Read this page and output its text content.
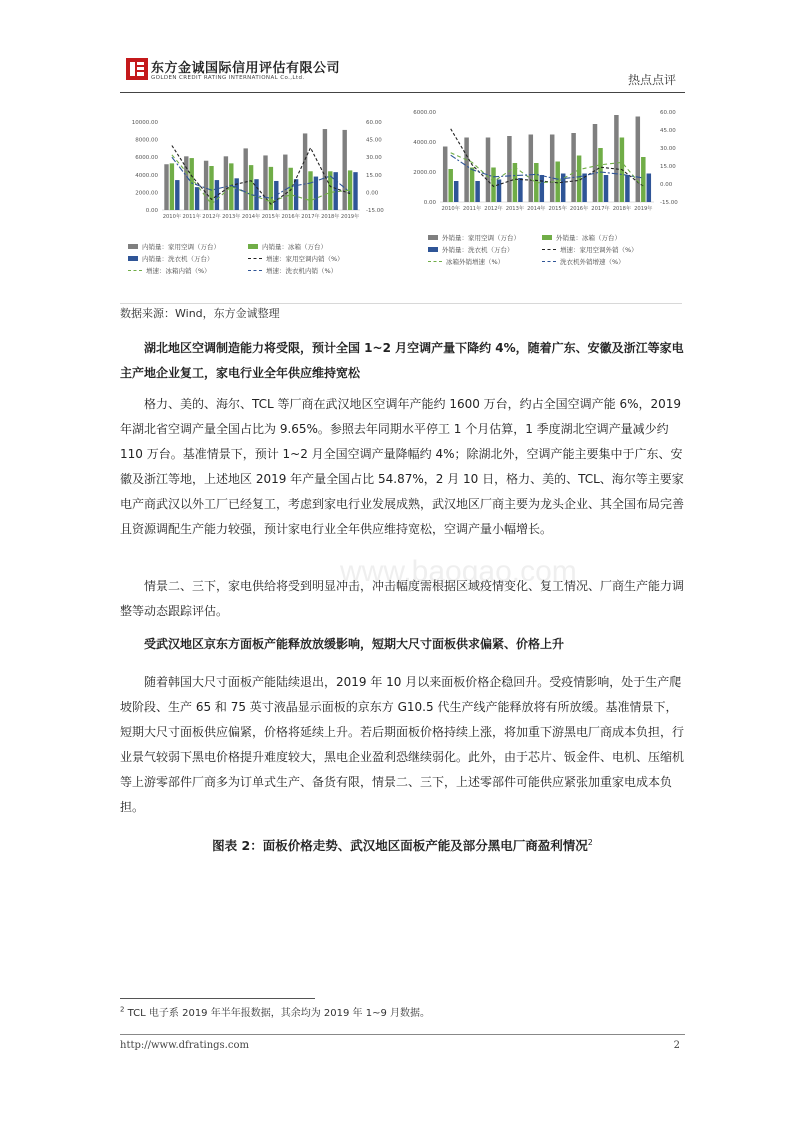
东方金诚国际信用评估有限公司
GOLDEN CREDIT RATING INTERNATIONAL Co.,Ltd.	热点点评
www.baogao.com
10000.00
8000.00
6000.00
4000.00
2000.00
0.00
60.00
45.00
30.00
15.00
0.00
-15.00
2010年 2011年 2012年 2013年 2014年 2015年 2016年 2017年 2018年 2019年
内销量：家用空调（万台）	内销量：冰箱（万台）
内销量：洗衣机（万台）	增速：家用空调内销（%）
增速：冰箱内销（%）	增速：洗衣机内销（%）
6000.00
4000.00
2000.00
0.00
60.00
45.00
30.00
15.00
0.00
-15.00
2010年 2011年 2012年 2013年 2014年 2015年 2016年 2017年 2018年 2019年
外销量：家用空调（万台）	外销量：冰箱（万台）
外销量：洗衣机（万台）	增速：家用空调外销（%）
冰箱外销增速（%）	洗衣机外销增速（%）
数据来源：Wind，东方金诚整理
湖北地区空调制造能力将受限，预计全国 1~2 月空调产量下降约 4%，随着广东、安徽及浙江等家电主产地企业复工，家电行业全年供应维持宽松
格力、美的、海尔、TCL 等厂商在武汉地区空调年产能约 1600 万台，约占全国空调产能 6%，2019 年湖北省空调产量全国占比为 9.65%。参照去年同期水平停工 1 个月估算，1 季度湖北空调产量减少约 110 万台。基准情景下，预计 1~2 月全国空调产量降幅约 4%；除湖北外，空调产能主要集中于广东、安徽及浙江等地，上述地区 2019 年产量全国占比 54.87%，2 月 10 日，格力、美的、TCL、海尔等主要家电产商武汉以外工厂已经复工，考虑到家电行业发展成熟，武汉地区厂商主要为龙头企业、其全国布局完善且资源调配生产能力较强，预计家电行业全年供应维持宽松，空调产量小幅增长。
情景二、三下，家电供给将受到明显冲击，冲击幅度需根据区域疫情变化、复工情况、厂商生产能力调整等动态跟踪评估。
受武汉地区京东方面板产能释放放缓影响，短期大尺寸面板供求偏紧、价格上升
随着韩国大尺寸面板产能陆续退出，2019 年 10 月以来面板价格企稳回升。受疫情影响，处于生产爬坡阶段、生产 65 和 75 英寸液晶显示面板的京东方 G10.5 代生产线产能释放将有所放缓。基准情景下，短期大尺寸面板供应偏紧，价格将延续上升。若后期面板价格持续上涨，将加重下游黑电厂商成本负担，行业景气较弱下黑电价格提升难度较大，黑电企业盈利恐继续弱化。此外，由于芯片、钣金件、电机、压缩机等上游零部件厂商多为订单式生产、备货有限，情景二、三下，上述零部件可能供应紧张加重家电成本负担。
图表 2：面板价格走势、武汉地区面板产能及部分黑电厂商盈利情况$^2$
$^2$ TCL 电子系 2019 年半年报数据，其余均为 2019 年 1~9 月数据。
http://www.dfratings.com	2
